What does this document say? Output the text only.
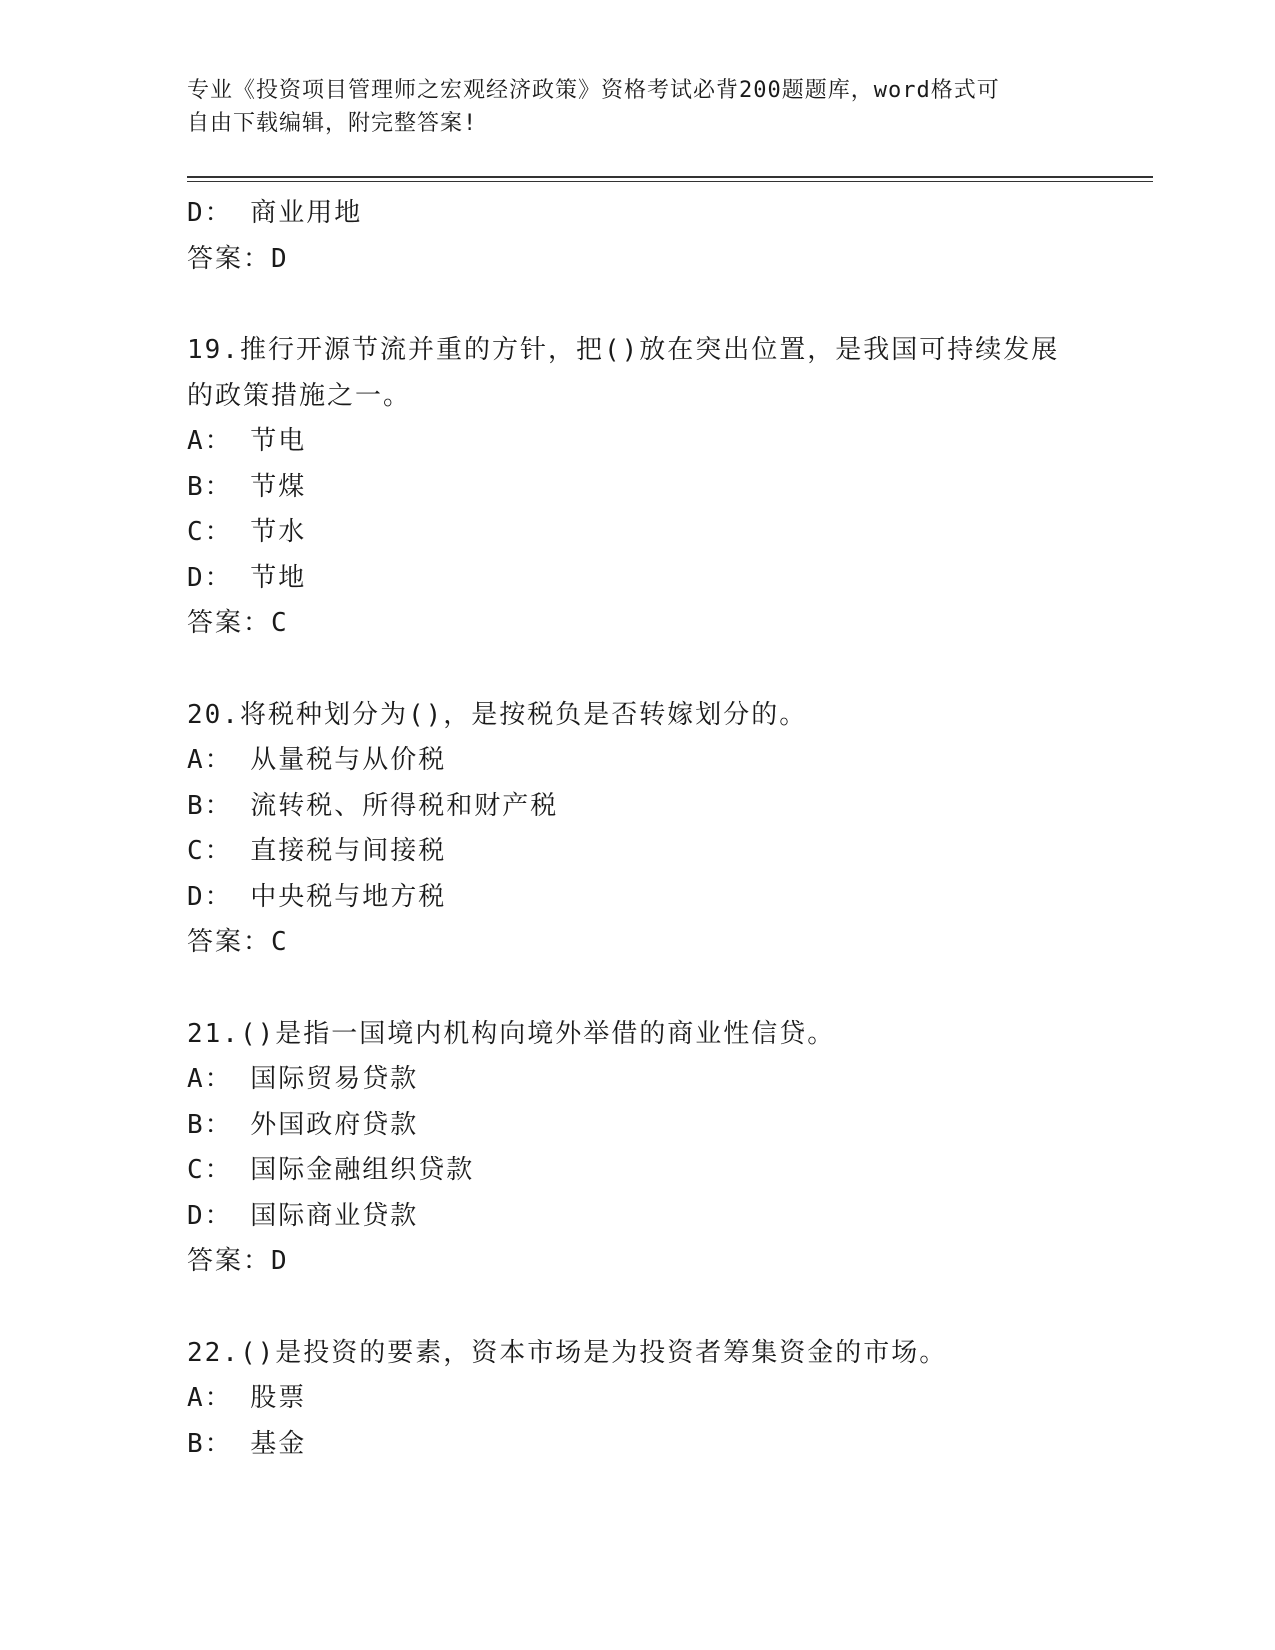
专业《投资项目管理师之宏观经济政策》资格考试必背200题题库，word格式可
自由下载编辑，附完整答案!
D： 商业用地
答案：D
19.推行开源节流并重的方针，把()放在突出位置，是我国可持续发展
的政策措施之一。
A： 节电
B： 节煤
C： 节水
D： 节地
答案：C
20.将税种划分为()，是按税负是否转嫁划分的。
A： 从量税与从价税
B： 流转税、所得税和财产税
C： 直接税与间接税
D： 中央税与地方税
答案：C
21.()是指一国境内机构向境外举借的商业性信贷。
A： 国际贸易贷款
B： 外国政府贷款
C： 国际金融组织贷款
D： 国际商业贷款
答案：D
22.()是投资的要素，资本市场是为投资者筹集资金的市场。
A： 股票
B： 基金
